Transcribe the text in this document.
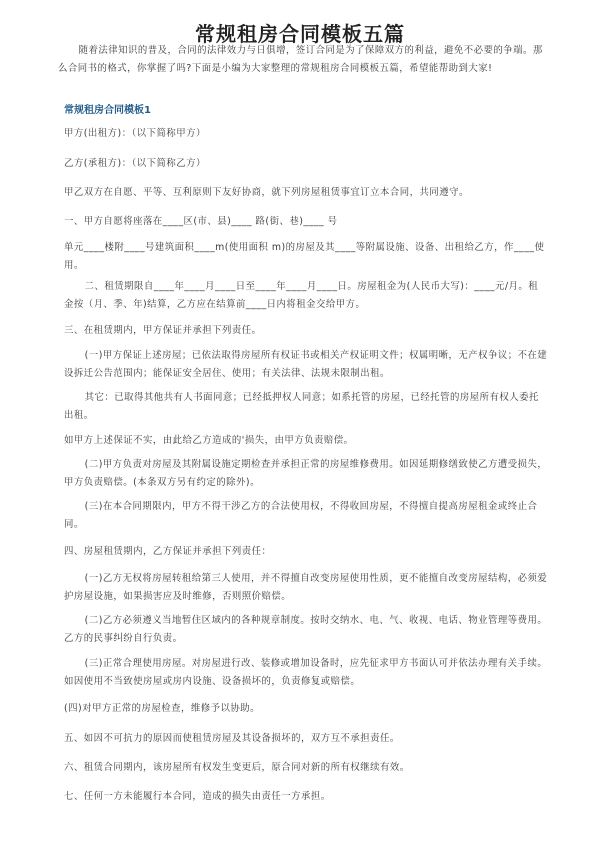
常规租房合同模板五篇
随着法律知识的普及，合同的法律效力与日俱增，签订合同是为了保障双方的利益，避免不必要的争端。那么合同书的格式，你掌握了吗?下面是小编为大家整理的常规租房合同模板五篇，希望能帮助到大家!
常规租房合同模板1
甲方(出租方)：（以下简称甲方）
乙方(承租方)：（以下简称乙方）
甲乙双方在自愿、平等、互利原则下友好协商，就下列房屋租赁事宜订立本合同，共同遵守。
一、甲方自愿将座落在____区(市、县)____ 路(街、巷)____ 号
单元____楼附____号建筑面积____m(使用面积 m)的房屋及其____等附属设施、设备、出租给乙方，作____使用。
二、租赁期限自____年____月____日至____年____月____日。房屋租金为(人民币大写)：____元/月。租金按（月、季、年)结算，乙方应在结算前____日内将租金交给甲方。
三、在租赁期内，甲方保证并承担下列责任。
(一)甲方保证上述房屋；已依法取得房屋所有权证书或相关产权证明文件；权属明晰，无产权争议；不在建设拆迁公告范围内；能保证安全居住、使用；有关法律、法规未限制出租。
其它：已取得其他共有人书面同意；已经抵押权人同意；如系托管的房屋，已经托管的房屋所有权人委托出租。
如甲方上述保证不实，由此给乙方造成的'损失，由甲方负责赔偿。
(二)甲方负责对房屋及其附属设施定期检查并承担正常的房屋维修费用。如因延期修缮致使乙方遭受损失，甲方负责赔偿。(本条双方另有约定的除外)。
(三)在本合同期限内，甲方不得干涉乙方的合法使用权，不得收回房屋，不得擅自提高房屋租金或终止合同。
四、房屋租赁期内，乙方保证并承担下列责任：
(一)乙方无权将房屋转租给第三人使用，并不得擅自改变房屋使用性质，更不能擅自改变房屋结构，必须爱护房屋设施，如果损害应及时维修，否则照价赔偿。
(二)乙方必须遵义当地暂住区域内的各种规章制度。按时交纳水、电、气、收视、电话、物业管理等费用。乙方的民事纠纷自行负责。
(三)正常合理使用房屋。对房屋进行改、装修或增加设备时，应先征求甲方书面认可并依法办理有关手续。如因使用不当致使房屋或房内设施、设备损坏的，负责修复或赔偿。
(四)对甲方正常的房屋检查，维修予以协助。
五、如因不可抗力的原因而使租赁房屋及其设备损坏的，双方互不承担责任。
六、租赁合同期内，该房屋所有权发生变更后，原合同对新的所有权继续有效。
七、任何一方未能履行本合同，造成的损失由责任一方承担。
